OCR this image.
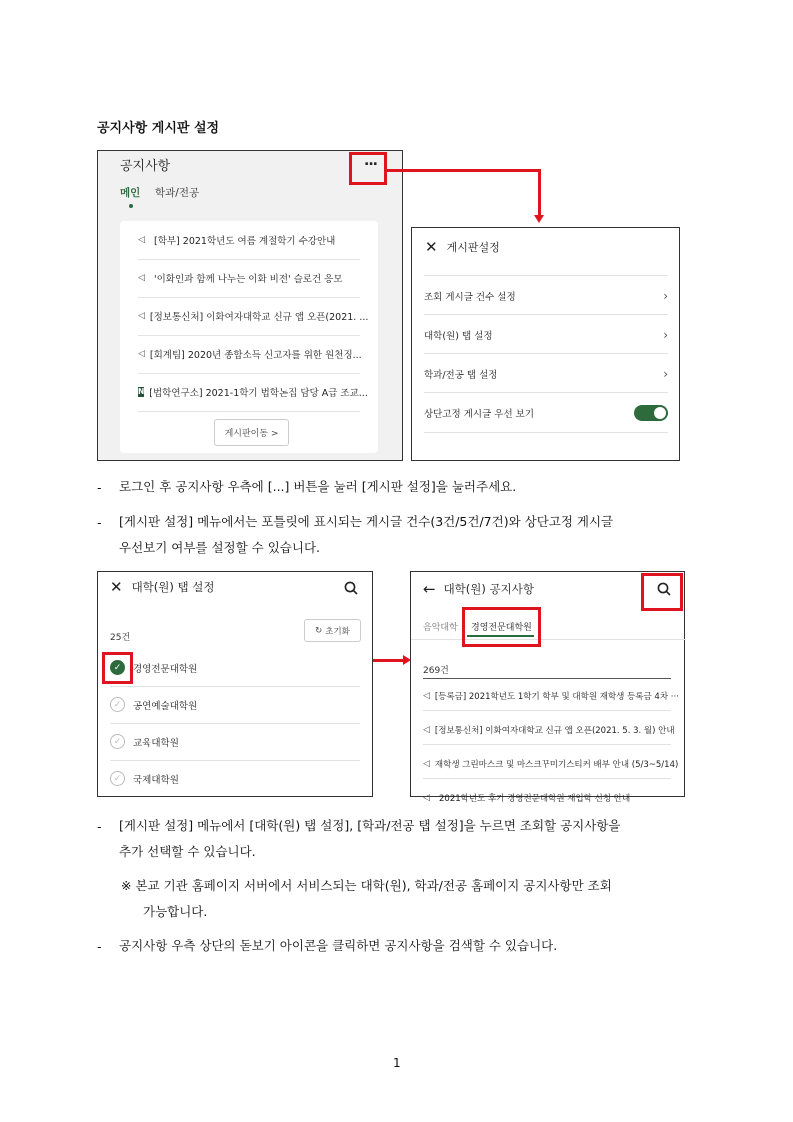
공지사항 게시판 설정
공지사항	...
메인 학과/전공
◁ [학부] 2021학년도 여름 계절학기 수강안내
◁ '이화인과 함께 나누는 이화 비전' 슬로건 응모
◁ [정보통신처] 이화여자대학교 신규 앱 오픈(2021. ...
◁ [회계팀] 2020년 종합소득 신고자를 위한 원천징...
N [법학연구소] 2021-1학기 법학논집 담당 A급 조교...
게시판이동 >
✕ 게시판설정
조회 게시글 건수 설정	›
대학(원) 탭 설정	›
학과/전공 탭 설정	›
상단고정 게시글 우선 보기
- 로그인 후 공지사항 우측에 [...] 버튼을 눌러 [게시판 설정]을 눌러주세요.
- [게시판 설정] 메뉴에서는 포틀릿에 표시되는 게시글 건수(3건/5건/7건)와 상단고정 게시글
우선보기 여부를 설정할 수 있습니다.
✕ 대학(원) 탭 설정
25건
↻ 초기화
✓	경영전문대학원
✓	공연예술대학원
✓	교육대학원
✓	국제대학원
← 대학(원) 공지사항
음악대학 경영전문대학원
269건
◁ [등록금] 2021학년도 1학기 학부 및 대학원 재학생 등록금 4차 ···
◁ [정보통신처] 이화여자대학교 신규 앱 오픈(2021. 5. 3. 월) 안내
◁ 재학생 그린마스크 및 마스크꾸미기스티커 배부 안내 (5/3~5/14)
◁	2021학년도 후기 경영전문대학원 재입학 신청 안내
- [게시판 설정] 메뉴에서 [대학(원) 탭 설정], [학과/전공 탭 설정]을 누르면 조회할 공지사항을
추가 선택할 수 있습니다.
※ 본교 기관 홈페이지 서버에서 서비스되는 대학(원), 학과/전공 홈페이지 공지사항만 조회
가능합니다.
- 공지사항 우측 상단의 돋보기 아이콘을 클릭하면 공지사항을 검색할 수 있습니다.
1
